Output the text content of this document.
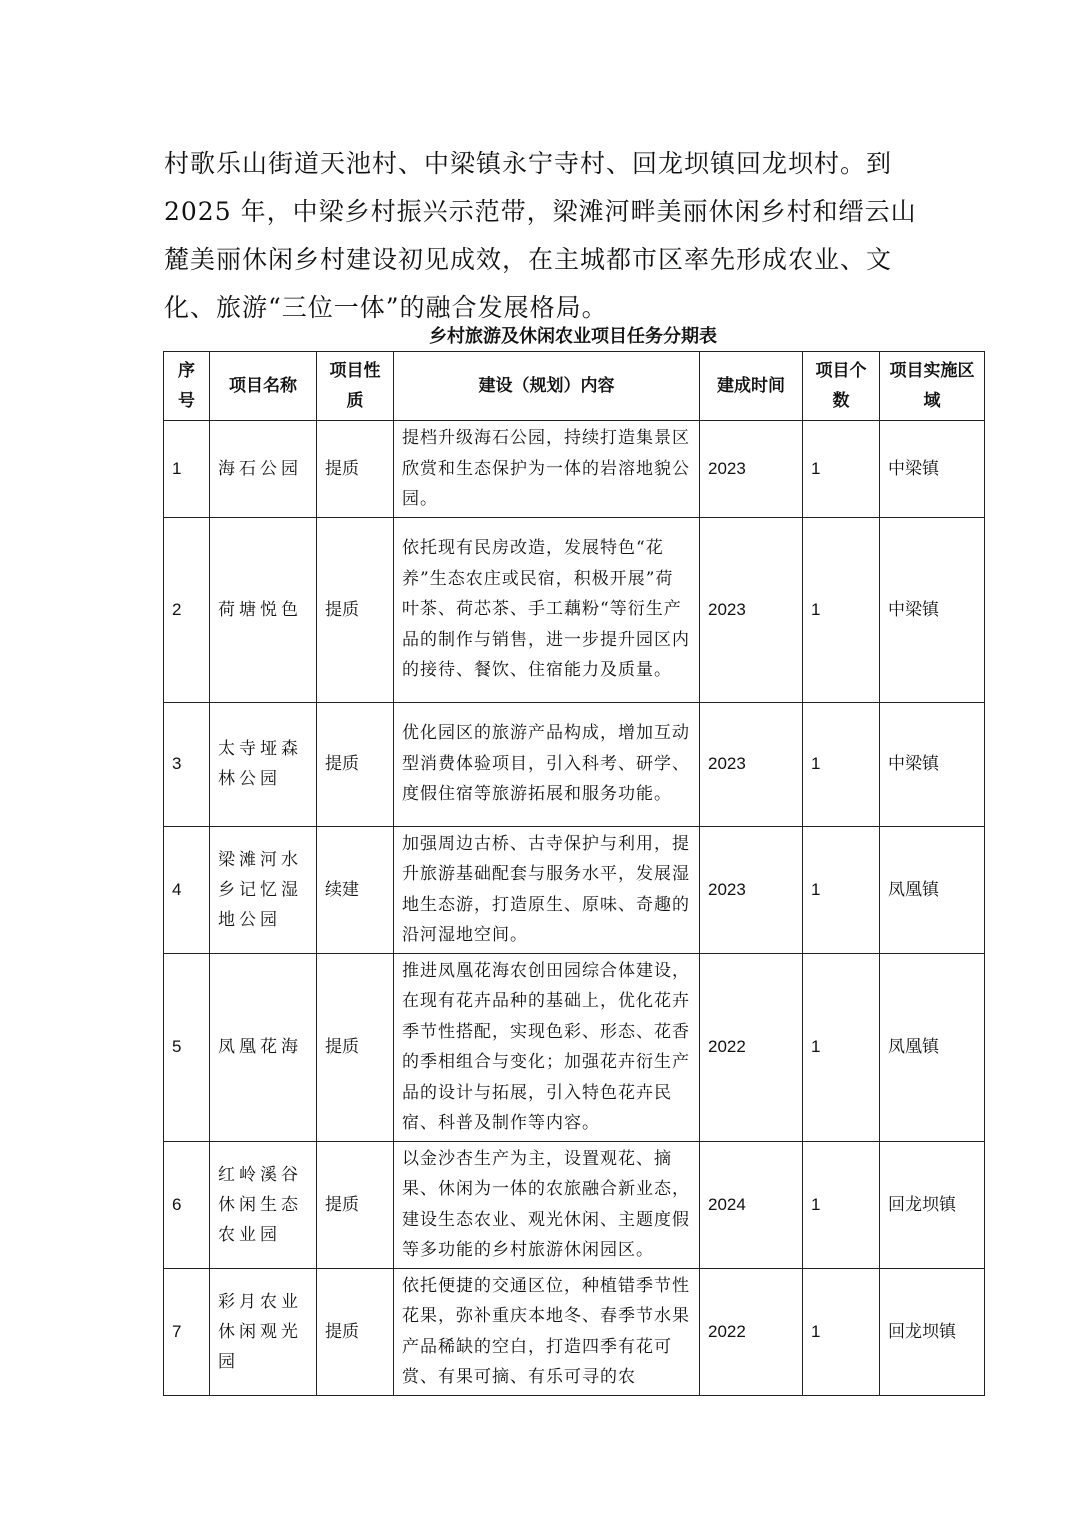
村歌乐山街道天池村、中梁镇永宁寺村、回龙坝镇回龙坝村。到 2025 年，中梁乡村振兴示范带，梁滩河畔美丽休闲乡村和缙云山麓美丽休闲乡村建设初见成效，在主城都市区率先形成农业、文化、旅游“三位一体”的融合发展格局。

乡村旅游及休闲农业项目任务分期表
序号	项目名称	项目性质	建设（规划）内容	建成时间	项目个数	项目实施区域
1	海石公园	提质	提档升级海石公园，持续打造集景区欣赏和生态保护为一体的岩溶地貌公园。	2023	1	中梁镇
2	荷塘悦色	提质	依托现有民房改造，发展特色“花养”生态农庄或民宿，积极开展”荷叶茶、荷芯茶、手工藕粉“等衍生产品的制作与销售，进一步提升园区内的接待、餐饮、住宿能力及质量。	2023	1	中梁镇
3	太寺垭森林公园	提质	优化园区的旅游产品构成，增加互动型消费体验项目，引入科考、研学、度假住宿等旅游拓展和服务功能。	2023	1	中梁镇
4	梁滩河水乡记忆湿地公园	续建	加强周边古桥、古寺保护与利用，提升旅游基础配套与服务水平，发展湿地生态游，打造原生、原味、奇趣的沿河湿地空间。	2023	1	凤凰镇
5	凤凰花海	提质	推进凤凰花海农创田园综合体建设，在现有花卉品种的基础上，优化花卉季节性搭配，实现色彩、形态、花香的季相组合与变化；加强花卉衍生产品的设计与拓展，引入特色花卉民宿、科普及制作等内容。	2022	1	凤凰镇
6	红岭溪谷休闲生态农业园	提质	以金沙杏生产为主，设置观花、摘果、休闲为一体的农旅融合新业态，建设生态农业、观光休闲、主题度假等多功能的乡村旅游休闲园区。	2024	1	回龙坝镇
7	彩月农业休闲观光园	提质	依托便捷的交通区位，种植错季节性花果，弥补重庆本地冬、春季节水果产品稀缺的空白，打造四季有花可赏、有果可摘、有乐可寻的农	2022	1	回龙坝镇
